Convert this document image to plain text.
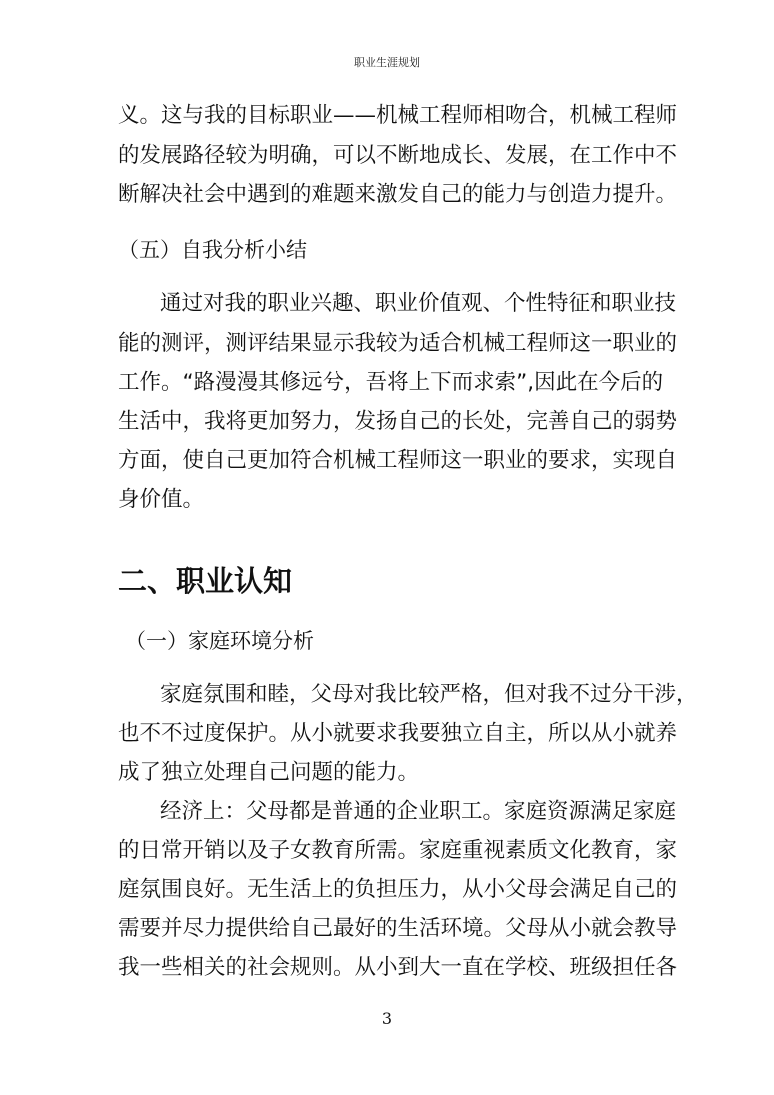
职业生涯规划
义。这与我的目标职业——机械工程师相吻合，机械工程师
的发展路径较为明确，可以不断地成长、发展，在工作中不
断解决社会中遇到的难题来激发自己的能力与创造力提升。
（五）自我分析小结
通过对我的职业兴趣、职业价值观、个性特征和职业技
能的测评，测评结果显示我较为适合机械工程师这一职业的
工作。“路漫漫其修远兮，吾将上下而求索”,因此在今后的
生活中，我将更加努力，发扬自己的长处，完善自己的弱势
方面，使自己更加符合机械工程师这一职业的要求，实现自
身价值。
二、职业认知
（一）家庭环境分析
家庭氛围和睦，父母对我比较严格，但对我不过分干涉，
也不不过度保护。从小就要求我要独立自主，所以从小就养
成了独立处理自己问题的能力。
经济上：父母都是普通的企业职工。家庭资源满足家庭
的日常开销以及子女教育所需。家庭重视素质文化教育，家
庭氛围良好。无生活上的负担压力，从小父母会满足自己的
需要并尽力提供给自己最好的生活环境。父母从小就会教导
我一些相关的社会规则。从小到大一直在学校、班级担任各
3
